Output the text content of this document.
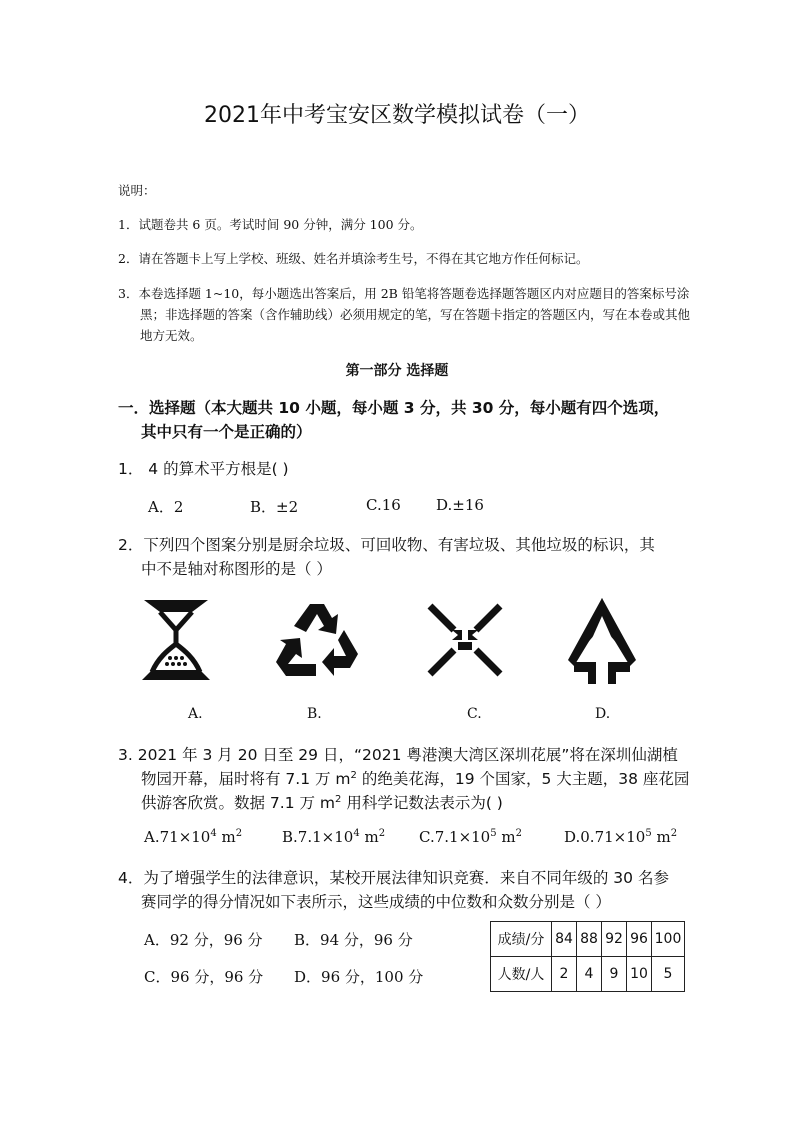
2021年中考宝安区数学模拟试卷（一）
说明：
1．试题卷共 6 页。考试时间 90 分钟，满分 100 分。
2．请在答题卡上写上学校、班级、姓名并填涂考生号，不得在其它地方作任何标记。
3．本卷选择题 1~10，每小题选出答案后，用 2B 铅笔将答题卷选择题答题区内对应题目的答案标号涂黑；非选择题的答案（含作辅助线）必须用规定的笔，写在答题卡指定的答题区内，写在本卷或其他地方无效。
第一部分 选择题
一．选择题（本大题共 10 小题，每小题 3 分，共 30 分，每小题有四个选项，
其中只有一个是正确的）
1． 4 的算术平方根是( )
A．2	B．±2	C.16 D.±16
2．下列四个图案分别是厨余垃圾、可回收物、有害垃圾、其他垃圾的标识，其
中不是轴对称图形的是（ ）
A.	B.	C.	D.
3. 2021 年 3 月 20 日至 29 日，“2021 粤港澳大湾区深圳花展”将在深圳仙湖植
物园开幕，届时将有 7.1 万 $m^2$ 的绝美花海，19 个国家，5 大主题，38 座花园
供游客欣赏。数据 7.1 万 $m^2$ 用科学记数法表示为( )
$A.71\times 10^4$ $m^2$	$B.7.1\times 10^4$ $m^2$ $C.7.1\times 10^5$ $m^2$	$D.0.71\times 10^5$ $m^2$
4．为了增强学生的法律意识，某校开展法律知识竞赛．来自不同年级的 30 名参
赛同学的得分情况如下表所示，这些成绩的中位数和众数分别是（ ）
A．92 分，96 分 B．94 分，96 分
C．96 分，96 分 D．96 分，100 分
成绩/分	84	88	92	96	100
人数/人	2	4	9	10	5
